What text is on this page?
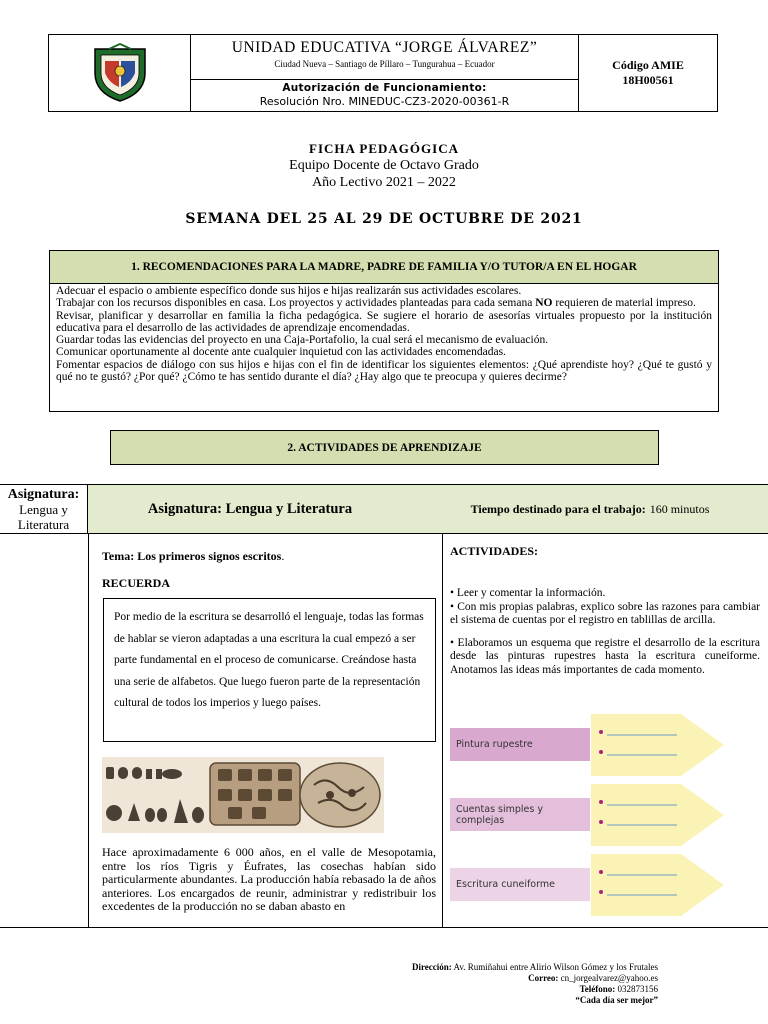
UNIDAD EDUCATIVA “JORGE ÁLVAREZ”
Ciudad Nueva – Santiago de Píllaro – Tungurahua – Ecuador
Autorización de Funcionamiento:
Resolución Nro. MINEDUC-CZ3-2020-00361-R
Código AMIE
18H00561
FICHA PEDAGÓGICA
Equipo Docente de Octavo Grado
Año Lectivo 2021 – 2022
SEMANA DEL 25 AL 29 DE OCTUBRE DE 2021
1. RECOMENDACIONES PARA LA MADRE, PADRE DE FAMILIA Y/O TUTOR/A EN EL HOGAR

Adecuar el espacio o ambiente específico donde sus hijos e hijas realizarán sus actividades escolares.

Trabajar con los recursos disponibles en casa. Los proyectos y actividades planteadas para cada semana NO requieren de material impreso.

Revisar, planificar y desarrollar en familia la ficha pedagógica. Se sugiere el horario de asesorías virtuales propuesto por la institución educativa para el desarrollo de las actividades de aprendizaje encomendadas.

Guardar todas las evidencias del proyecto en una Caja-Portafolio, la cual será el mecanismo de evaluación.

Comunicar oportunamente al docente ante cualquier inquietud con las actividades encomendadas.

Fomentar espacios de diálogo con sus hijos e hijas con el fin de identificar los siguientes elementos: ¿Qué aprendiste hoy? ¿Qué te gustó y qué no te gustó? ¿Por qué? ¿Cómo te has sentido durante el día? ¿Hay algo que te preocupa y quieres decirme?

2. ACTIVIDADES DE APRENDIZAJE
Asignatura:
Lengua y
Literatura
Asignatura: Lengua y Literatura	Tiempo destinado para el trabajo: 160 minutos
Tema: Los primeros signos escritos.
RECUERDA
Por medio de la escritura se desarrolló el lenguaje, todas las formas de hablar se vieron adaptadas a una escritura la cual empezó a ser parte fundamental en el proceso de comunicarse. Creándose hasta una serie de alfabetos. Que luego fueron parte de la representación cultural de todos los imperios y luego países.
Hace aproximadamente 6 000 años, en el valle de Mesopotamia, entre los ríos Tigris y Éufrates, las cosechas habían sido particularmente abundantes. La producción había rebasado la de años anteriores. Los encargados de reunir, administrar y redistribuir los excedentes de la producción no se daban abasto en
ACTIVIDADES:

• Leer y comentar la información.

• Con mis propias palabras, explico sobre las razones para cambiar el sistema de cuentas por el registro en tablillas de arcilla.

• Elaboramos un esquema que registre el desarrollo de la escritura desde las pinturas rupestres hasta la escritura cuneiforme. Anotamos las ideas más importantes de cada momento.

Pintura rupestre
Cuentas simples y complejas
Escritura cuneiforme
Dirección: Av. Rumiñahui entre Alirio Wilson Gómez y los Frutales
Correo: cn_jorgealvarez@yahoo.es
Teléfono: 032873156
“Cada día ser mejor”
